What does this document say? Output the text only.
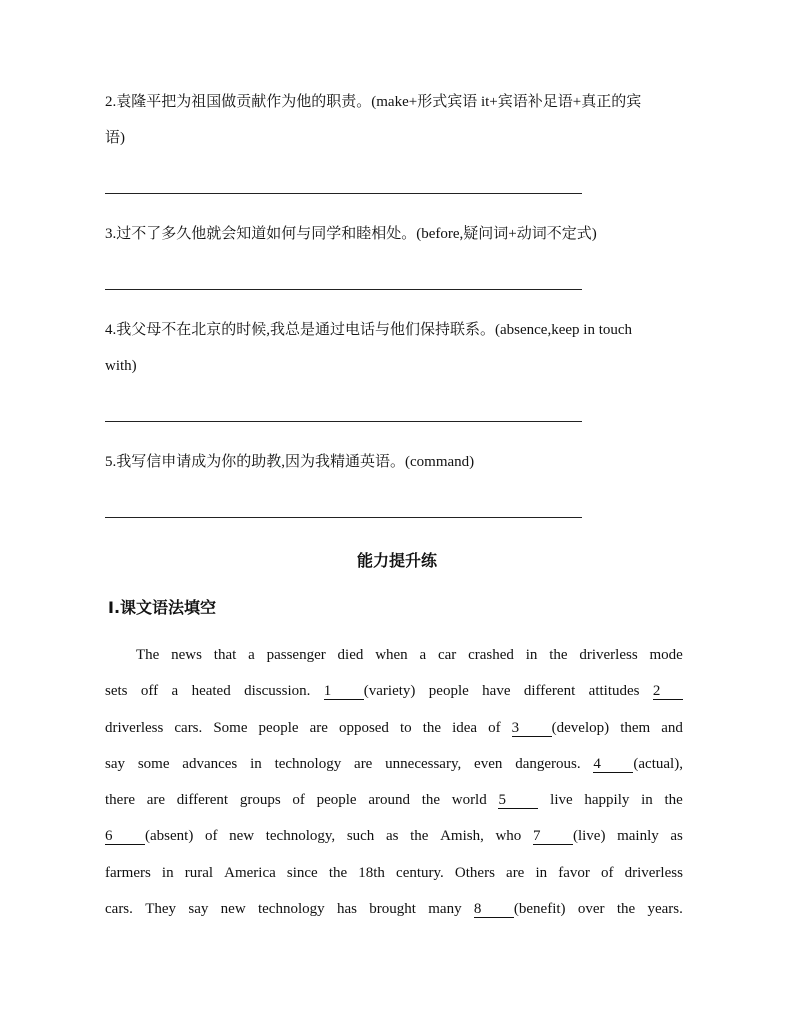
2.袁隆平把为祖国做贡献作为他的职责。(make+形式宾语 it+宾语补足语+真正的宾
语)
3.过不了多久他就会知道如何与同学和睦相处。(before,疑问词+动词不定式)
4.我父母不在北京的时候,我总是通过电话与他们保持联系。(absence,keep in touch
with)
5.我写信申请成为你的助教,因为我精通英语。(command)
能力提升练
Ⅰ.课文语法填空
The news that a passenger died when a car crashed in the driverless mode
sets off a heated discussion. 1 (variety) people have different attitudes 2
driverless cars. Some people are opposed to the idea of 3 (develop) them and
say some advances in technology are unnecessary, even dangerous. 4 (actual),
there are different groups of people around the world 5	live happily in the
6 (absent) of new technology, such as the Amish, who 7 (live) mainly as
farmers in rural America since the 18th century. Others are in favor of driverless
cars. They say new technology has brought many 8 (benefit) over the years.
